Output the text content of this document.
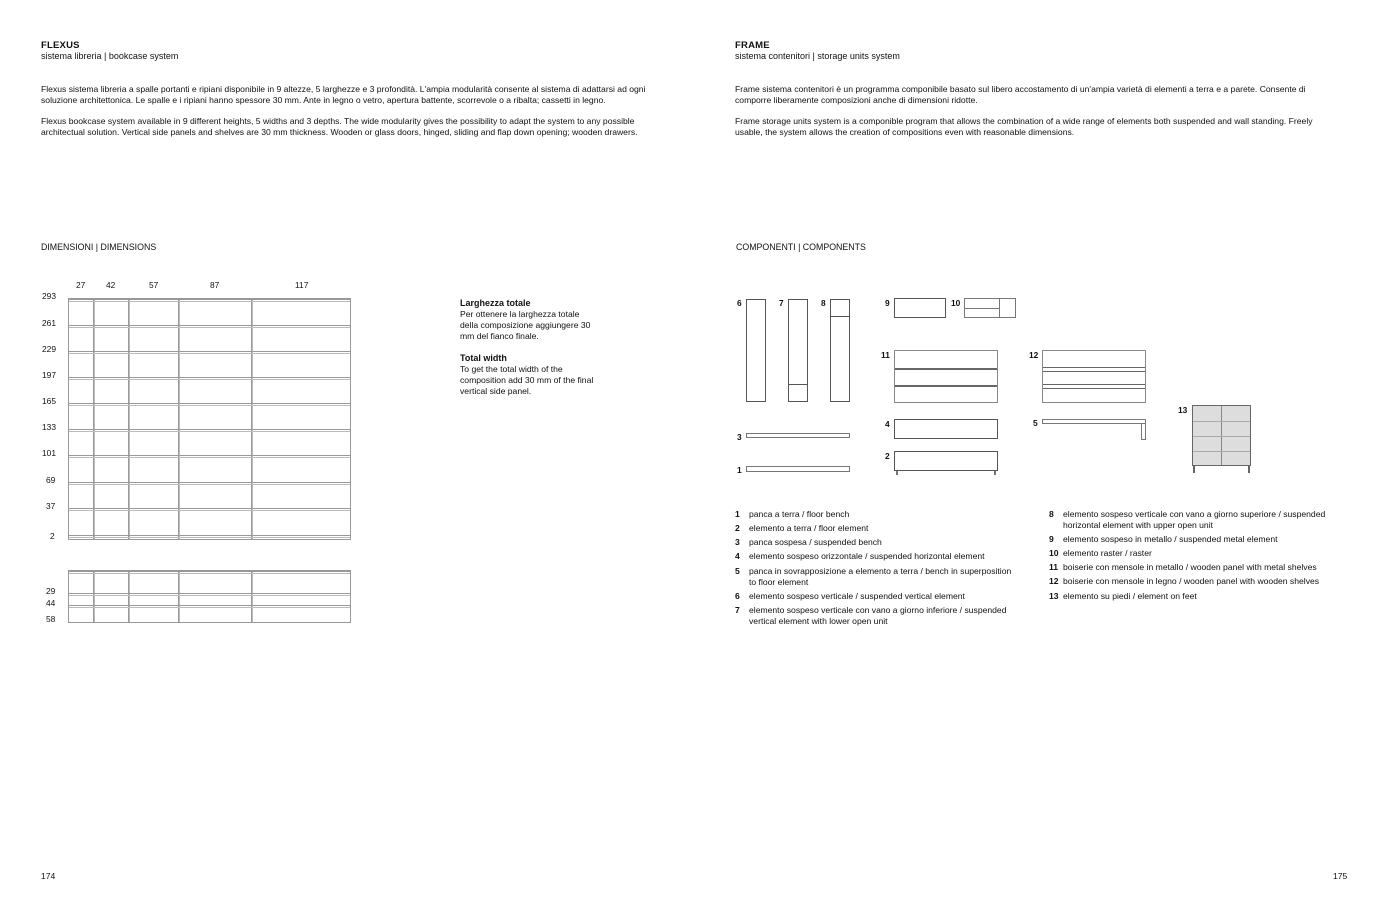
FLEXUS
sistema libreria | bookcase system
Flexus sistema libreria a spalle portanti e ripiani disponibile in 9 altezze, 5 larghezze e 3 profondità. L'ampia modularità consente al sistema di adattarsi ad ogni soluzione architettonica. Le spalle e i ripiani hanno spessore 30 mm. Ante in legno o vetro, apertura battente, scorrevole o a ribalta; cassetti in legno.
Flexus bookcase system available in 9 different heights, 5 widths and 3 depths. The wide modularity gives the possibility to adapt the system to any possible architectual solution. Vertical side panels and shelves are 30 mm thickness. Wooden or glass doors, hinged, sliding and flap down opening; wooden drawers.
DIMENSIONI | DIMENSIONS
27 42	57	87	117
293
261
229
197
165
133
101
69
37
2
29
44
58
Larghezza totale
Per ottenere la larghezza totale della composizione aggiungere 30 mm del fianco finale.
Total width
To get the total width of the composition add 30 mm of the final vertical side panel.
174
FRAME
sistema contenitori | storage units system
Frame sistema contenitori è un programma componibile basato sul libero accostamento di un'ampia varietà di elementi a terra e a parete. Consente di comporre liberamente composizioni anche di dimensioni ridotte.
Frame storage units system is a componible program that allows the combination of a wide range of elements both suspended and wall standing. Freely usable, the system allows the creation of compositions even with reasonable dimensions.
COMPONENTI | COMPONENTS
6	7	8	9	10
11	12
4	5
3
2
1
13
1 panca a terra / floor bench
2 elemento a terra / floor element
3 panca sospesa / suspended bench
4 elemento sospeso orizzontale / suspended horizontal element
5 panca in sovrapposizione a elemento a terra / bench in superposition
to floor element
6 elemento sospeso verticale / suspended vertical element
7 elemento sospeso verticale con vano a giorno inferiore / suspended
vertical element with lower open unit
8 elemento sospeso verticale con vano a giorno superiore / suspended
horizontal element with upper open unit
9 elemento sospeso in metallo / suspended metal element
10 elemento raster / raster
11 boiserie con mensole in metallo / wooden panel with metal shelves
12 boiserie con mensole in legno / wooden panel with wooden shelves
13 elemento su piedi / element on feet
175
